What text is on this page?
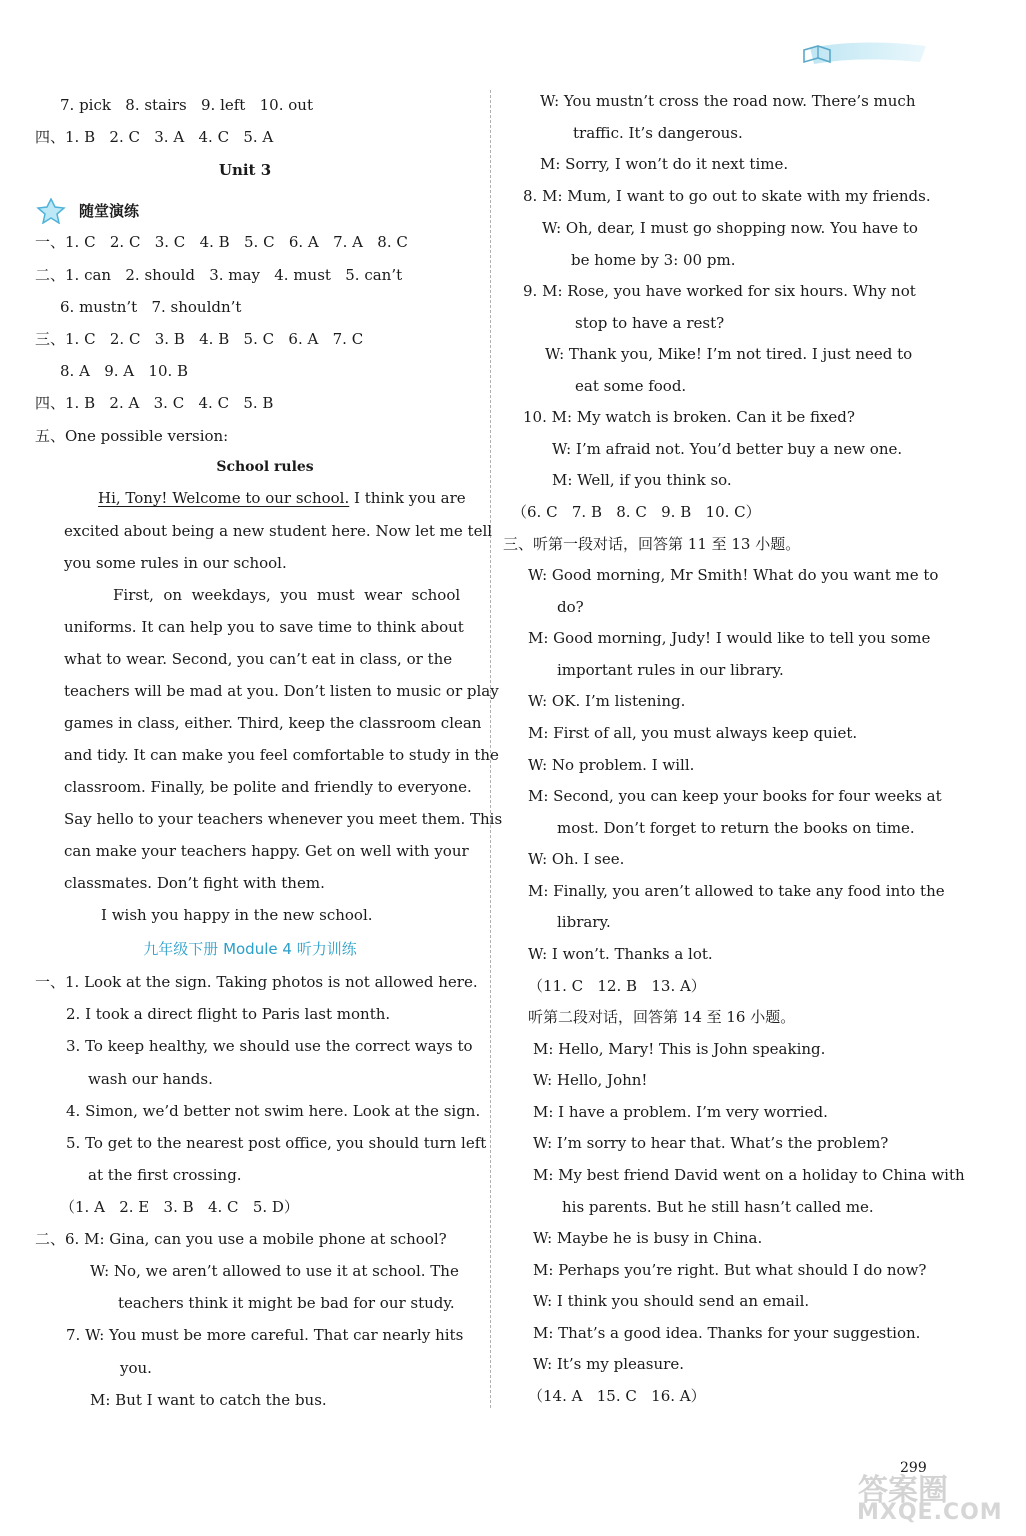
7. pick   8. stairs   9. left   10. out
四、1. B   2. C   3. A   4. C   5. A
Unit 3
随堂演练
一、1. C   2. C   3. C   4. B   5. C   6. A   7. A   8. C
二、1. can   2. should   3. may   4. must   5. can’t
6. mustn’t   7. shouldn’t
三、1. C   2. C   3. B   4. B   5. C   6. A   7. C
8. A   9. A   10. B
四、1. B   2. A   3. C   4. C   5. B
五、One possible version:
School rules
Hi, Tony! Welcome to our school. I think you are
excited about being a new student here. Now let me tell
you some rules in our school.
First,  on  weekdays,  you  must  wear  school
uniforms. It can help you to save time to think about
what to wear. Second, you can’t eat in class, or the
teachers will be mad at you. Don’t listen to music or play
games in class, either. Third, keep the classroom clean
and tidy. It can make you feel comfortable to study in the
classroom. Finally, be polite and friendly to everyone.
Say hello to your teachers whenever you meet them. This
can make your teachers happy. Get on well with your
classmates. Don’t fight with them.
I wish you happy in the new school.
九年级下册 Module 4 听力训练
一、1. Look at the sign. Taking photos is not allowed here.
2. I took a direct flight to Paris last month.
3. To keep healthy, we should use the correct ways to
wash our hands.
4. Simon, we’d better not swim here. Look at the sign.
5. To get to the nearest post office, you should turn left
at the first crossing.
（1. A   2. E   3. B   4. C   5. D）
二、6. M: Gina, can you use a mobile phone at school?
W: No, we aren’t allowed to use it at school. The
teachers think it might be bad for our study.
7. W: You must be more careful. That car nearly hits
you.
M: But I want to catch the bus.
W: You mustn’t cross the road now. There’s much
traffic. It’s dangerous.
M: Sorry, I won’t do it next time.
8. M: Mum, I want to go out to skate with my friends.
W: Oh, dear, I must go shopping now. You have to
be home by 3: 00 pm.
9. M: Rose, you have worked for six hours. Why not
stop to have a rest?
W: Thank you, Mike! I’m not tired. I just need to
eat some food.
10. M: My watch is broken. Can it be fixed?
W: I’m afraid not. You’d better buy a new one.
M: Well, if you think so.
（6. C   7. B   8. C   9. B   10. C）
三、听第一段对话，回答第 11 至 13 小题。
W: Good morning, Mr Smith! What do you want me to
do?
M: Good morning, Judy! I would like to tell you some
important rules in our library.
W: OK. I’m listening.
M: First of all, you must always keep quiet.
W: No problem. I will.
M: Second, you can keep your books for four weeks at
most. Don’t forget to return the books on time.
W: Oh. I see.
M: Finally, you aren’t allowed to take any food into the
library.
W: I won’t. Thanks a lot.
（11. C   12. B   13. A）
听第二段对话，回答第 14 至 16 小题。
M: Hello, Mary! This is John speaking.
W: Hello, John!
M: I have a problem. I’m very worried.
W: I’m sorry to hear that. What’s the problem?
M: My best friend David went on a holiday to China with
his parents. But he still hasn’t called me.
W: Maybe he is busy in China.
M: Perhaps you’re right. But what should I do now?
W: I think you should send an email.
M: That’s a good idea. Thanks for your suggestion.
W: It’s my pleasure.
（14. A   15. C   16. A）
299
答案圈
MXQE.COM
